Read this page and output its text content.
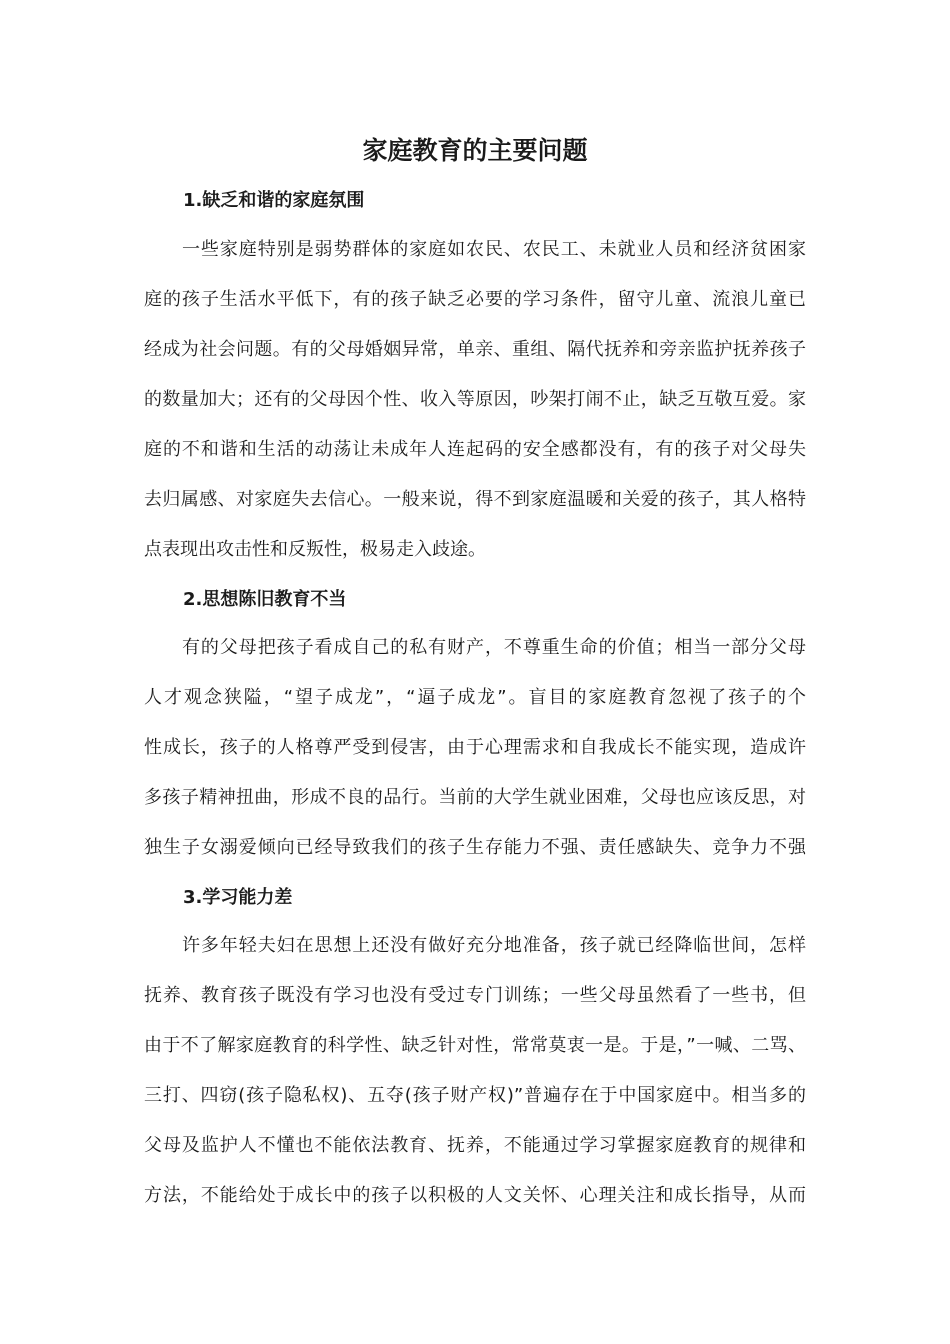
家庭教育的主要问题
1.缺乏和谐的家庭氛围
一些家庭特别是弱势群体的家庭如农民、农民工、未就业人员和经济贫困家
庭的孩子生活水平低下，有的孩子缺乏必要的学习条件，留守儿童、流浪儿童已
经成为社会问题。有的父母婚姻异常，单亲、重组、隔代抚养和旁亲监护抚养孩子
的数量加大；还有的父母因个性、收入等原因，吵架打闹不止，缺乏互敬互爱。家
庭的不和谐和生活的动荡让未成年人连起码的安全感都没有，有的孩子对父母失
去归属感、对家庭失去信心。一般来说，得不到家庭温暖和关爱的孩子，其人格特
点表现出攻击性和反叛性，极易走入歧途。
2.思想陈旧教育不当
有的父母把孩子看成自己的私有财产，不尊重生命的价值；相当一部分父母
人才观念狭隘，“望子成龙”，“逼子成龙”。盲目的家庭教育忽视了孩子的个
性成长，孩子的人格尊严受到侵害，由于心理需求和自我成长不能实现，造成许
多孩子精神扭曲，形成不良的品行。当前的大学生就业困难，父母也应该反思，对
独生子女溺爱倾向已经导致我们的孩子生存能力不强、责任感缺失、竞争力不强
3.学习能力差
许多年轻夫妇在思想上还没有做好充分地准备，孩子就已经降临世间，怎样
抚养、教育孩子既没有学习也没有受过专门训练；一些父母虽然看了一些书，但
由于不了解家庭教育的科学性、缺乏针对性，常常莫衷一是。于是，”一喊、二骂、
三打、四窃(孩子隐私权)、五夺(孩子财产权)”普遍存在于中国家庭中。相当多的
父母及监护人不懂也不能依法教育、抚养，不能通过学习掌握家庭教育的规律和
方法，不能给处于成长中的孩子以积极的人文关怀、心理关注和成长指导，从而
